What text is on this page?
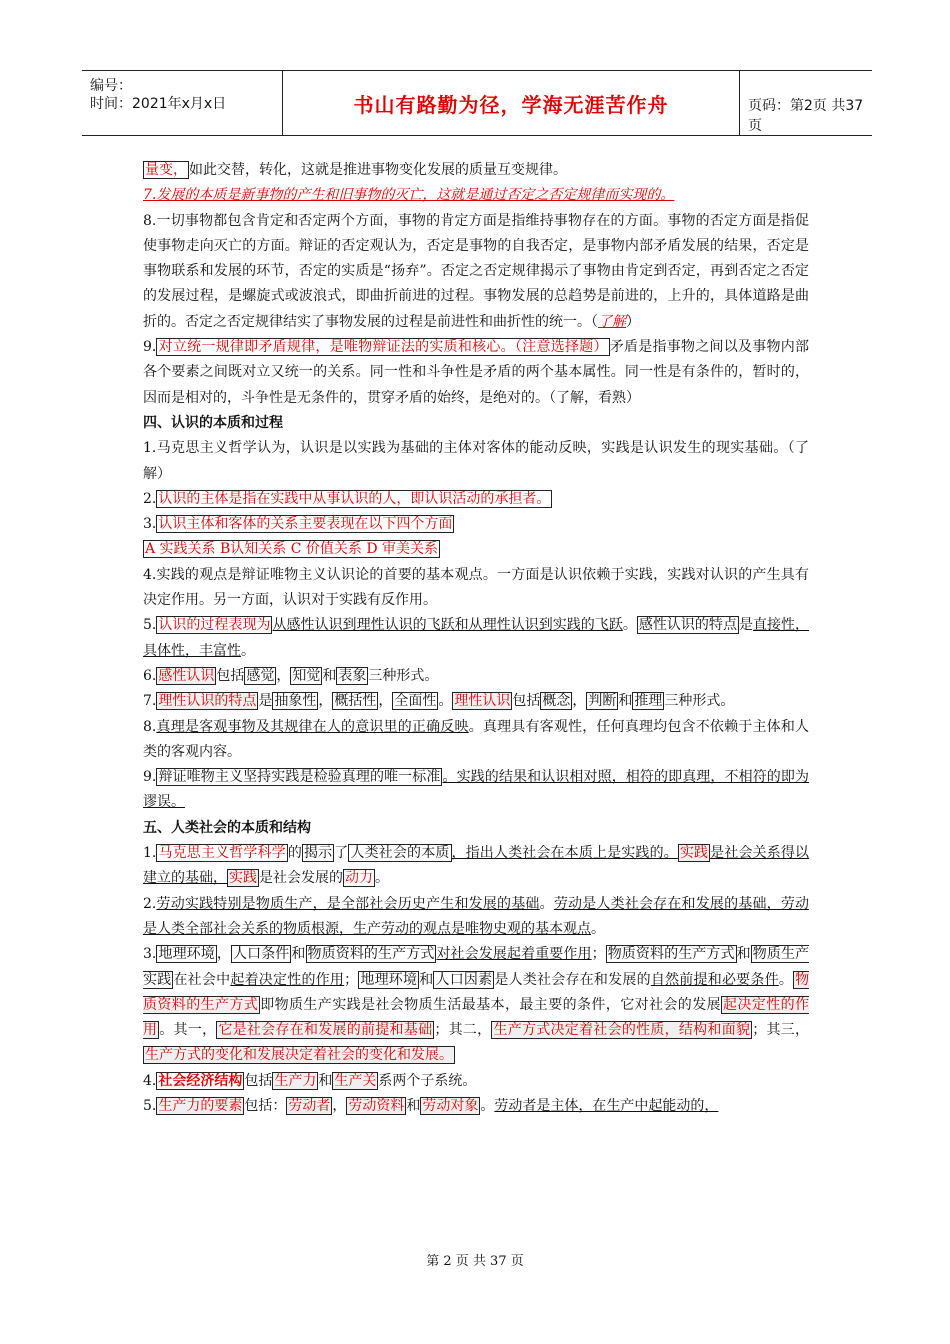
编号：
时间：2021年x月x日	书山有路勤为径，学海无涯苦作舟	页码：第2页 共37页

量变， 如此交替，转化，这就是推进事物变化发展的质量互变规律。

7.发展的本质是新事物的产生和旧事物的灭亡，这就是通过否定之否定规律而实现的。

8.一切事物都包含肯定和否定两个方面，事物的肯定方面是指维持事物存在的方面。事物的否定方面是指促使事物走向灭亡的方面。辩证的否定观认为，否定是事物的自我否定，是事物内部矛盾发展的结果，否定是事物联系和发展的环节，否定的实质是“扬弃”。否定之否定规律揭示了事物由肯定到否定，再到否定之否定的发展过程，是螺旋式或波浪式，即曲折前进的过程。事物发展的总趋势是前进的，上升的，具体道路是曲折的。否定之否定规律结实了事物发展的过程是前进性和曲折性的统一。（了解）

9. 对立统一规律即矛盾规律，是唯物辩证法的实质和核心。（注意选择题） 矛盾是指事物之间以及事物内部各个要素之间既对立又统一的关系。同一性和斗争性是矛盾的两个基本属性。同一性是有条件的，暂时的，因而是相对的，斗争性是无条件的，贯穿矛盾的始终，是绝对的。（了解，看熟）

四、认识的本质和过程

1.马克思主义哲学认为，认识是以实践为基础的主体对客体的能动反映，实践是认识发生的现实基础。（了解）

2. 认识的主体是指在实践中从事认识的人，即认识活动的承担者。

3. 认识主体和客体的关系主要表现在以下四个方面

A 实践关系 B认知关系 C 价值关系 D 审美关系

4.实践的观点是辩证唯物主义认识论的首要的基本观点。一方面是认识依赖于实践，实践对认识的产生具有决定作用。另一方面，认识对于实践有反作用。

5. 认识的过程表现为 从感性认识到理性认识的飞跃和从理性认识到实践的飞跃。 感性认识的特点 是直接性，具体性，丰富性。

6. 感性认识 包括 感觉 ， 知觉 和 表象 三种形式。

7. 理性认识的特点 是 抽象性 ， 概括性 ， 全面性 。 理性认识 包括 概念 ， 判断 和 推理 三种形式。

8.真理是客观事物及其规律在人的意识里的正确反映。真理具有客观性，任何真理均包含不依赖于主体和人类的客观内容。

9. 辩证唯物主义坚持实践是检验真理的唯一标准 。实践的结果和认识相对照，相符的即真理，不相符的即为谬误。

五、人类社会的本质和结构

1. 马克思主义哲学科学 的 揭示 了 人类社会的本质 ，指出人类社会在本质上是实践的。 实践 是社会关系得以建立的基础， 实践 是社会发展的 动力 。

2.劳动实践特别是物质生产，是全部社会历史产生和发展的基础。劳动是人类社会存在和发展的基础，劳动是人类全部社会关系的物质根源，生产劳动的观点是唯物史观的基本观点。

3. 地理环境 ， 人口条件 和 物质资料的生产方式 对社会发展起着重要作用； 物质资料的生产方式 和 物质生产实践 在社会中起着决定性的作用； 地理环境 和 人口因素 是人类社会存在和发展的自然前提和必要条件。 物质资料的生产方式 即物质生产实践是社会物质生活最基本，最主要的条件，它对社会的发展 起决定性的作用 。其一， 它是社会存在和发展的前提和基础 ；其二， 生产方式决定着社会的性质，结构和面貌 ；其三，生产方式的变化和发展决定着社会的变化和发展。

4. 社会经济结构 包括 生产力 和 生产关 系两个子系统。

5. 生产力的要素 包括： 劳动者 ， 劳动资料 和 劳动对象 。劳动者是主体，在生产中起能动的，

第 2 页 共 37 页
